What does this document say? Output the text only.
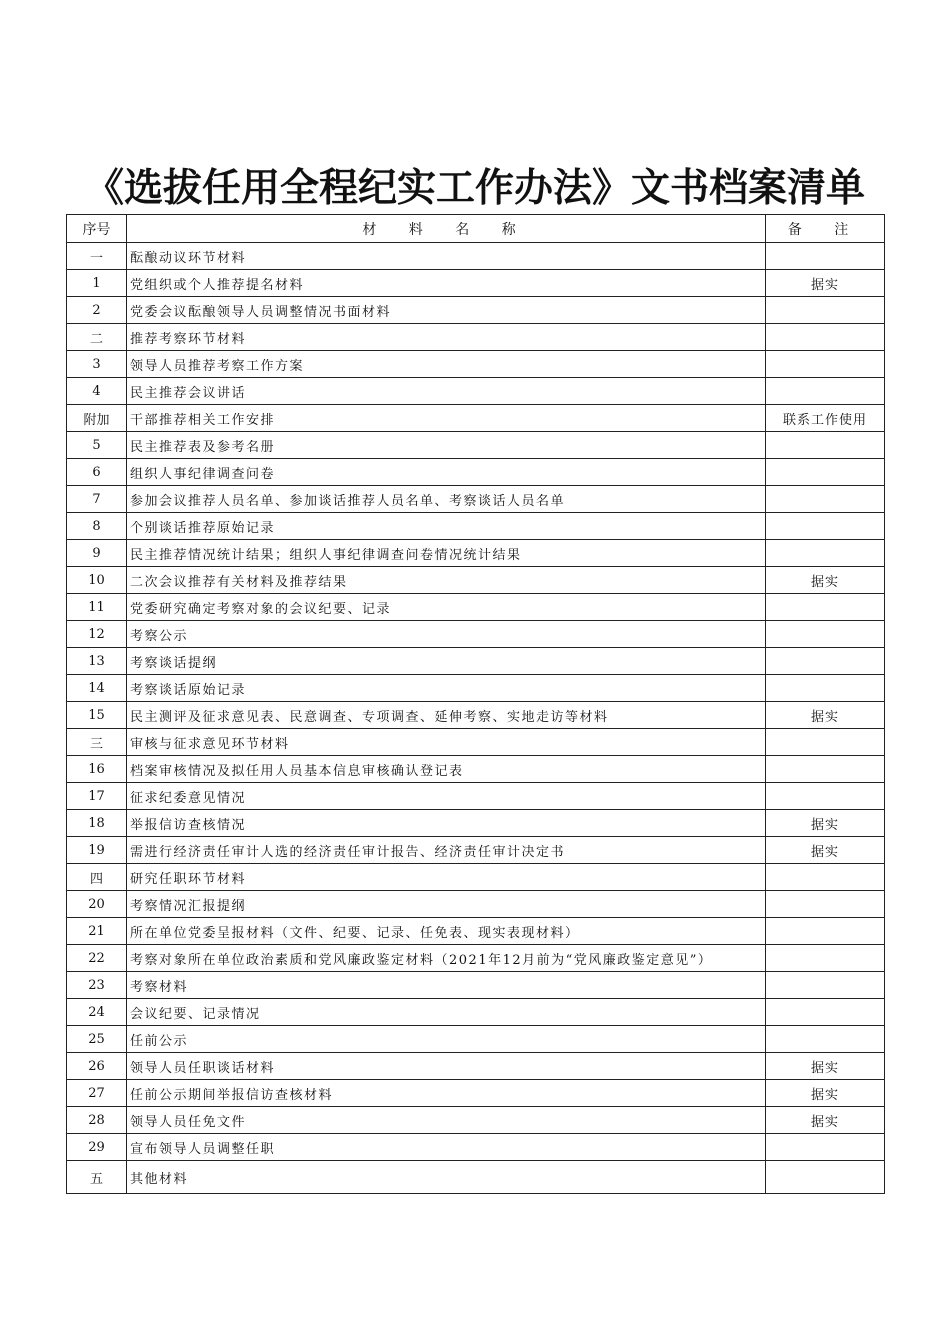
《选拔任用全程纪实工作办法》文书档案清单
序号	材 料 名 称	备 注
一	酝酿动议环节材料	
1	党组织或个人推荐提名材料	据实
2	党委会议酝酿领导人员调整情况书面材料	
二	推荐考察环节材料	
3	领导人员推荐考察工作方案	
4	民主推荐会议讲话	
附加	干部推荐相关工作安排	联系工作使用
5	民主推荐表及参考名册	
6	组织人事纪律调查问卷	
7	参加会议推荐人员名单、参加谈话推荐人员名单、考察谈话人员名单	
8	个别谈话推荐原始记录	
9	民主推荐情况统计结果；组织人事纪律调查问卷情况统计结果	
10	二次会议推荐有关材料及推荐结果	据实
11	党委研究确定考察对象的会议纪要、记录	
12	考察公示	
13	考察谈话提纲	
14	考察谈话原始记录	
15	民主测评及征求意见表、民意调查、专项调查、延伸考察、实地走访等材料	据实
三	审核与征求意见环节材料	
16	档案审核情况及拟任用人员基本信息审核确认登记表	
17	征求纪委意见情况	
18	举报信访查核情况	据实
19	需进行经济责任审计人选的经济责任审计报告、经济责任审计决定书	据实
四	研究任职环节材料	
20	考察情况汇报提纲	
21	所在单位党委呈报材料（文件、纪要、记录、任免表、现实表现材料）	
22	考察对象所在单位政治素质和党风廉政鉴定材料（2021年12月前为“党风廉政鉴定意见”）	
23	考察材料	
24	会议纪要、记录情况	
25	任前公示	
26	领导人员任职谈话材料	据实
27	任前公示期间举报信访查核材料	据实
28	领导人员任免文件	据实
29	宣布领导人员调整任职	
五	其他材料	
